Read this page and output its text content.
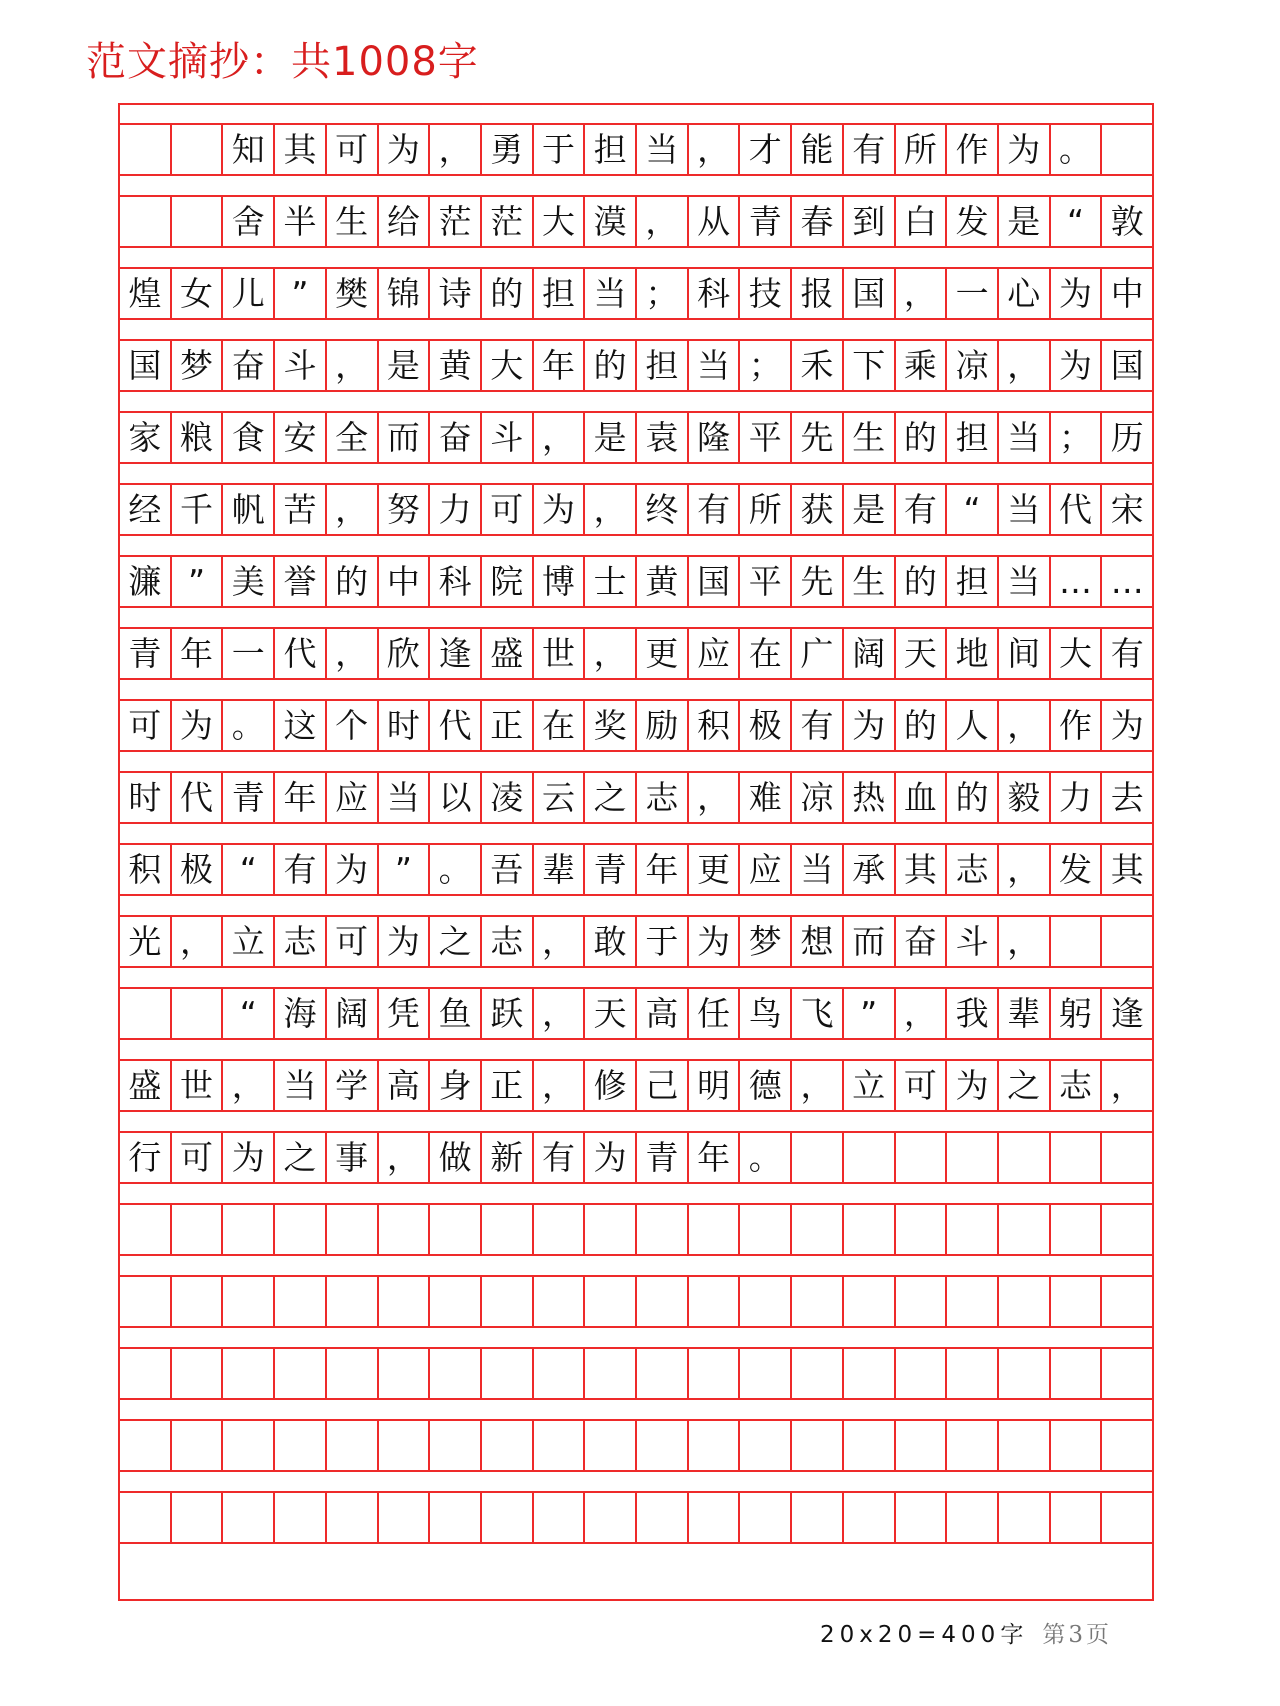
范文摘抄：共1008字
知 其 可 为 ， 勇 于 担 当 ， 才 能 有 所 作 为 。
舍 半 生 给 茫 茫 大 漠 ， 从 青 春 到 白 发 是 “ 敦
煌 女 儿 ” 樊 锦 诗 的 担 当 ； 科 技 报 国 ， 一 心 为 中
国 梦 奋 斗 ， 是 黄 大 年 的 担 当 ； 禾 下 乘 凉 ， 为 国
家 粮 食 安 全 而 奋 斗 ， 是 袁 隆 平 先 生 的 担 当 ； 历
经 千 帆 苦 ， 努 力 可 为 ， 终 有 所 获 是 有 “ 当 代 宋
濂 ” 美 誉 的 中 科 院 博 士 黄 国 平 先 生 的 担 当 … …
青 年 一 代 ， 欣 逢 盛 世 ， 更 应 在 广 阔 天 地 间 大 有
可 为 。 这 个 时 代 正 在 奖 励 积 极 有 为 的 人 ， 作 为
时 代 青 年 应 当 以 凌 云 之 志 ， 难 凉 热 血 的 毅 力 去
积 极 “ 有 为 ” 。 吾 辈 青 年 更 应 当 承 其 志 ， 发 其
光 ， 立 志 可 为 之 志 ， 敢 于 为 梦 想 而 奋 斗 ，
“ 海 阔 凭 鱼 跃 ， 天 高 任 鸟 飞 ” ， 我 辈 躬 逢
盛 世 ， 当 学 高 身 正 ， 修 己 明 德 ， 立 可 为 之 志 ，
行 可 为 之 事 ， 做 新 有 为 青 年 。
20x20=400字 第3页
